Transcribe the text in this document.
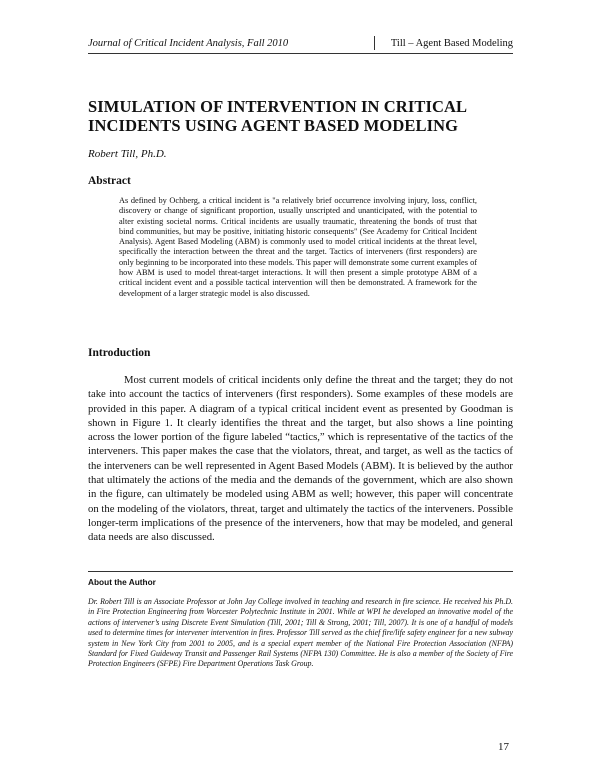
Journal of Critical Incident Analysis, Fall 2010	Till – Agent Based Modeling
SIMULATION OF INTERVENTION IN CRITICAL INCIDENTS USING AGENT BASED MODELING
Robert Till, Ph.D.
Abstract

As defined by Ochberg, a critical incident is "a relatively brief occurrence involving injury, loss, conflict, discovery or change of significant proportion, usually unscripted and unanticipated, with the potential to alter existing societal norms. Critical incidents are usually traumatic, threatening the bonds of trust that bind communities, but may be positive, initiating historic consequents" (See Academy for Critical Incident Analysis). Agent Based Modeling (ABM) is commonly used to model critical incidents at the threat level, specifically the interaction between the threat and the target. Tactics of interveners (first responders) are only beginning to be incorporated into these models. This paper will demonstrate some current examples of how ABM is used to model threat-target interactions. It will then present a simple prototype ABM of a critical incident event and a possible tactical intervention will then be demonstrated. A framework for the development of a larger strategic model is also discussed.

Introduction

Most current models of critical incidents only define the threat and the target; they do not take into account the tactics of interveners (first responders). Some examples of these models are provided in this paper. A diagram of a typical critical incident event as presented by Goodman is shown in Figure 1. It clearly identifies the threat and the target, but also shows a line pointing across the lower portion of the figure labeled “tactics,” which is representative of the tactics of the interveners. This paper makes the case that the violators, threat, and target, as well as the tactics of the interveners can be well represented in Agent Based Models (ABM). It is believed by the author that ultimately the actions of the media and the demands of the government, which are also shown in the figure, can ultimately be modeled using ABM as well; however, this paper will concentrate on the modeling of the violators, threat, target and ultimately the tactics of the interveners. Possible longer-term implications of the presence of the interveners, how that may be modeled, and general data needs are also discussed.

About the Author

Dr. Robert Till is an Associate Professor at John Jay College involved in teaching and research in fire science. He received his Ph.D. in Fire Protection Engineering from Worcester Polytechnic Institute in 2001. While at WPI he developed an innovative model of the actions of intervener’s using Discrete Event Simulation (Till, 2001; Till & Strong, 2001; Till, 2007). It is one of a handful of models used to determine times for intervener intervention in fires. Professor Till served as the chief fire/life safety engineer for a new subway system in New York City from 2001 to 2005, and is a special expert member of the National Fire Protection Association (NFPA) Standard for Fixed Guideway Transit and Passenger Rail Systems (NFPA 130) Committee. He is also a member of the Society of Fire Protection Engineers (SFPE) Fire Department Operations Task Group.

17
